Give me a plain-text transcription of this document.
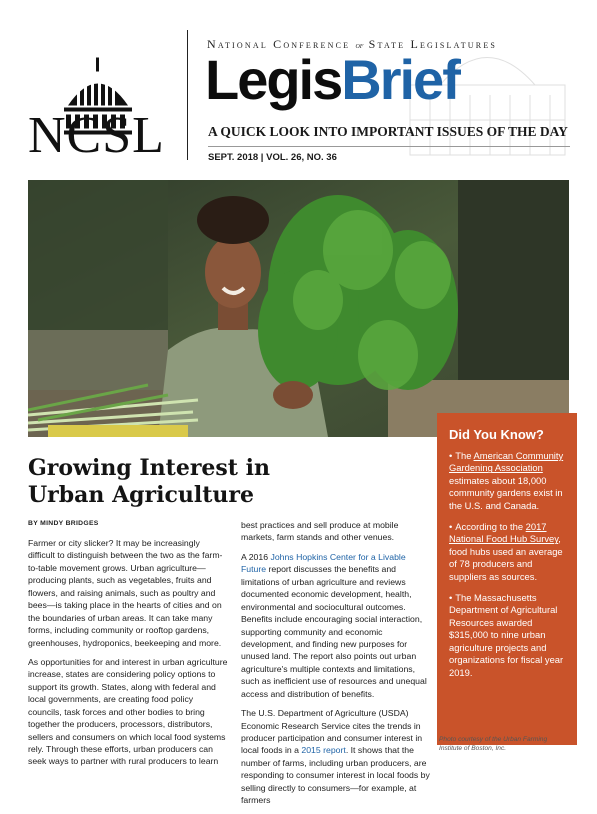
NCSL
National Conference of State Legislatures
LegisBrief
A QUICK LOOK INTO IMPORTANT ISSUES OF THE DAY
SEPT. 2018 | VOL. 26, NO. 36
Growing Interest in
Urban Agriculture
BY MINDY BRIDGES

Farmer or city slicker? It may be increasingly difficult to distinguish between the two as the farm-to-table movement grows. Urban agriculture—producing plants, such as vegetables, fruits and flowers, and raising animals, such as poultry and bees—is taking place in the hearts of cities and on the boundaries of urban areas. It can take many forms, including community or rooftop gardens, greenhouses, hydroponics, beekeeping and more.

As opportunities for and interest in urban agriculture increase, states are considering policy options to support its growth. States, along with federal and local governments, are creating food policy councils, task forces and other bodies to bring together the producers, processors, distributors, sellers and consumers on which local food systems rely. Through these efforts, urban producers can seek ways to partner with rural producers to learn

best practices and sell produce at mobile markets, farm stands and other venues.

A 2016 Johns Hopkins Center for a Livable Future report discusses the benefits and limitations of urban agriculture and reviews documented economic development, health, environmental and sociocultural outcomes. Benefits include encouraging social interaction, supporting community and economic development, and finding new purposes for unused land. The report also points out urban agriculture's multiple contexts and limitations, such as inefficient use of resources and unequal access and distribution of benefits.

The U.S. Department of Agriculture (USDA) Economic Research Service cites the trends in producer participation and consumer interest in local foods in a 2015 report. It shows that the number of farms, including urban producers, are responding to consumer interest in local foods by selling directly to consumers—for example, at farmers

Did You Know?
• The American Community Gardening Association estimates about 18,000 community gardens exist in the U.S. and Canada.
• According to the 2017 National Food Hub Survey, food hubs used an average of 78 producers and suppliers as sources.
• The Massachusetts Department of Agricultural Resources awarded $315,000 to nine urban agriculture projects and organizations for fiscal year 2019.
Photo courtesy of the Urban Farming Institute of Boston, Inc.
